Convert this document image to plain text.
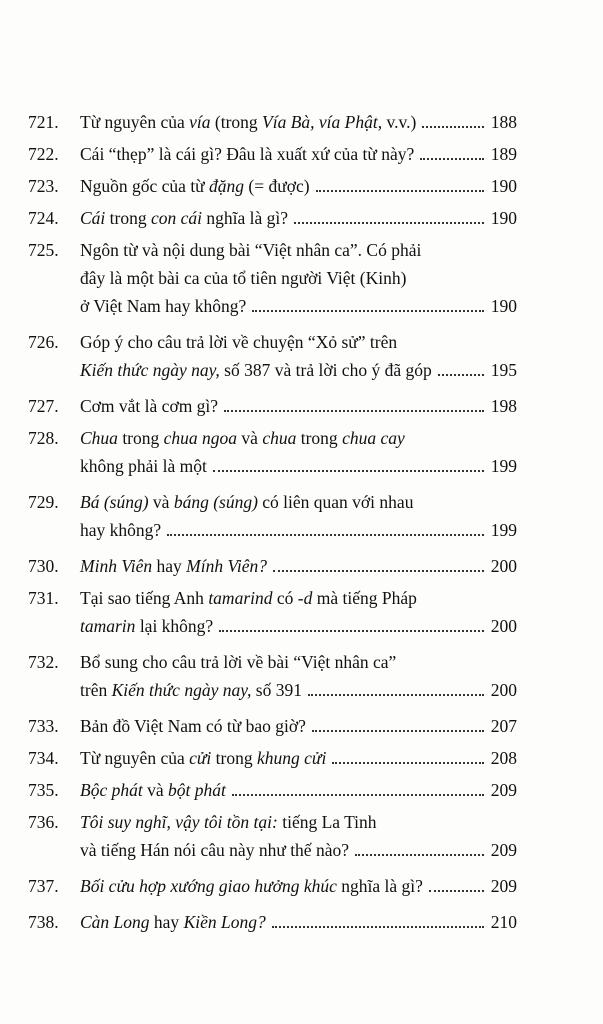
721.	Từ nguyên của vía (trong Vía Bà, vía Phật, v.v.)	188
722.	Cái “thẹp” là cái gì? Đâu là xuất xứ của từ này?	189
723.	Nguồn gốc của từ đặng (= được)	190
724.	Cái trong con cái nghĩa là gì?	190
725.	Ngôn từ và nội dung bài “Việt nhân ca”. Có phải
đây là một bài ca của tổ tiên người Việt (Kinh)
ở Việt Nam hay không?	190
726.	Góp ý cho câu trả lời về chuyện “Xỏ sử” trên
Kiến thức ngày nay, số 387 và trả lời cho ý đã góp	195
727.	Cơm vắt là cơm gì?	198
728.	Chua trong chua ngoa và chua trong chua cay
không phải là một	199
729.	Bá (súng) và báng (súng) có liên quan với nhau
hay không?	199
730.	Minh Viên hay Mính Viên?	200
731.	Tại sao tiếng Anh tamarind có -d mà tiếng Pháp
tamarin lại không?	200
732.	Bổ sung cho câu trả lời về bài “Việt nhân ca”
trên Kiến thức ngày nay, số 391	200
733.	Bản đồ Việt Nam có từ bao giờ?	207
734.	Từ nguyên của cửi trong khung cửi	208
735.	Bộc phát và bột phát	209
736.	Tôi suy nghĩ, vậy tôi tồn tại: tiếng La Tinh
và tiếng Hán nói câu này như thế nào?	209
737.	Bối cửu hợp xướng giao hưởng khúc nghĩa là gì?	209
738.	Càn Long hay Kiền Long?	210
